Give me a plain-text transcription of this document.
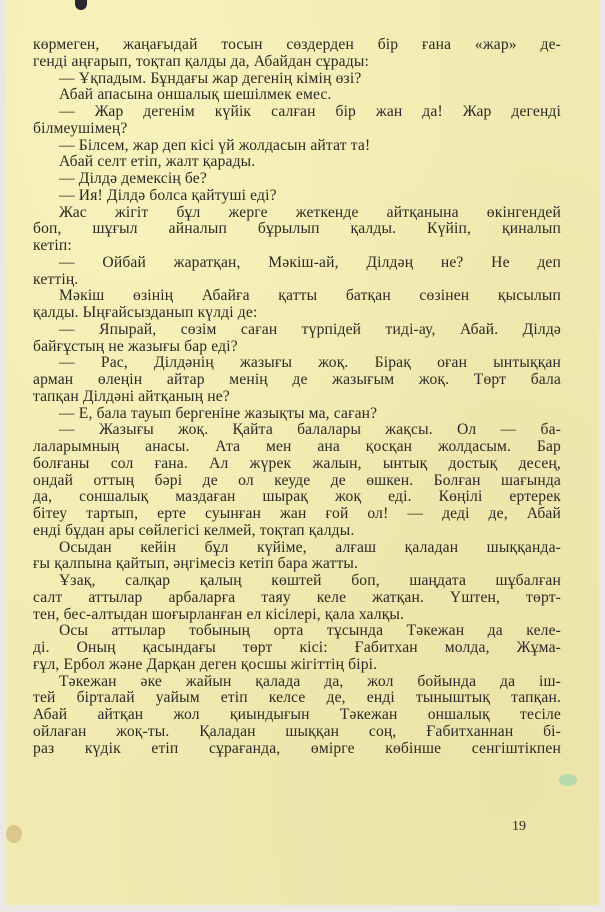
көрмеген, жаңағыдай тосын сөздерден бір ғана «жар» де-
генді аңғарып, тоқтап қалды да, Абайдан сұрады:
— Ұқпадым. Бұндағы жар дегенің кімің өзі?
Абай апасына оншалық шешілмек емес.
— Жар дегенім күйік салған бір жан да! Жар дегенді
білмеушімең?
— Білсем, жар деп кісі үй жолдасын айтат та!
Абай селт етіп, жалт қарады.
— Ділдә демексің бе?
— Ия! Ділдә болса қайтуші еді?
Жас жігіт бұл жерге жеткенде айтқанына өкінгендей
боп, шұғыл айналып бұрылып қалды. Күйіп, қиналып
кетіп:
— Ойбай жаратқан, Мәкіш-ай, Ділдәң не? Не деп
кеттің.
Мәкіш өзінің Абайға қатты батқан сөзінен қысылып
қалды. Ыңғайсызданып күлді де:
— Япырай, сөзім саған түрпідей тиді-ау, Абай. Ділдә
байғұстың не жазығы бар еді?
— Рас, Ділдәнің жазығы жоқ. Бірақ оған ынтыққан
арман өлеңін айтар менің де жазығым жоқ. Төрт бала
тапқан Ділдәні айтқаның не?
— Е, бала тауып бергеніне жазықты ма, саған?
— Жазығы жоқ. Қайта балалары жақсы. Ол — ба-
лаларымның анасы. Ата мен ана қосқан жолдасым. Бар
болғаны сол ғана. Ал жүрек жалын, ынтық достық десең,
ондай оттың бәрі де ол кеуде де өшкен. Болған шағында
да, соншалық маздаған шырақ жоқ еді. Көңілі ертерек
бітеу тартып, ерте суынған жан ғой ол! — деді де, Абай
енді бұдан ары сөйлегісі келмей, тоқтап қалды.
Осыдан кейін бұл күйіме, алғаш қаладан шыққанда-
ғы қалпына қайтып, әңгімесіз кетіп бара жатты.
Ұзақ, салқар қалың көштей боп, шаңдата шұбалған
салт аттылар арбаларға таяу келе жатқан. Үштен, төрт-
тен, бес-алтыдан шоғырланған ел кісілері, қала халқы.
Осы аттылар тобының орта тұсында Тәкежан да келе-
ді. Оның қасындағы төрт кісі: Ғабитхан молда, Жұма-
ғұл, Ербол және Дарқан деген қосшы жігіттің бірі.
Тәкежан әке жайын қалада да, жол бойында да іш-
тей бірталай уайым етіп келсе де, енді тыныштық тапқан.
Абай айтқан жол қиындығын Тәкежан оншалық тесіле
ойлаған жоқ-ты. Қаладан шыққан соң, Ғабитханнан бі-
раз күдік етіп сұрағанда, өмірге көбінше сенгіштікпен
19
